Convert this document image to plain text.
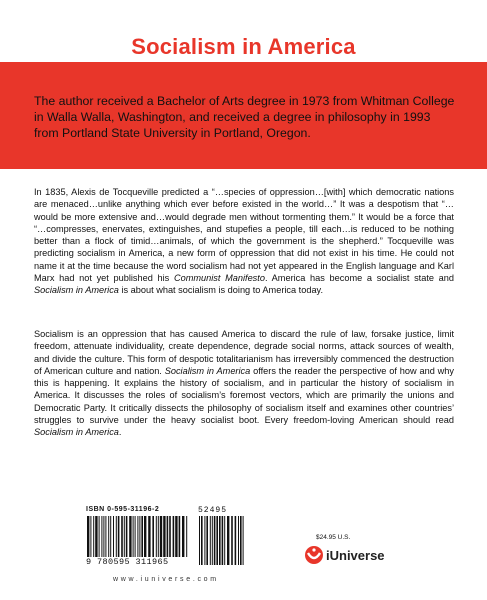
Socialism in America
The author received a Bachelor of Arts degree in 1973 from Whitman College in Walla Walla, Washington, and received a degree in philosophy in 1993 from Portland State University in Portland, Oregon.

In 1835, Alexis de Tocqueville predicted a “…species of oppression…[with] which democratic nations are menaced…unlike anything which ever before existed in the world…” It was a despotism that “…would be more extensive and…would degrade men without tormenting them.” It would be a force that “…compresses, enervates, extinguishes, and stupefies a people, till each…is reduced to be nothing better than a flock of timid…animals, of which the government is the shepherd.” Tocqueville was predicting socialism in America, a new form of oppression that did not exist in his time. He could not name it at the time because the word socialism had not yet appeared in the English language and Karl Marx had not yet published his Communist Manifesto. America has become a socialist state and Socialism in America is about what socialism is doing to America today.

Socialism is an oppression that has caused America to discard the rule of law, forsake justice, limit freedom, attenuate individuality, create dependence, degrade social norms, attack sources of wealth, and divide the culture. This form of despotic totalitarianism has irreversibly commenced the destruction of American culture and nation. Socialism in America offers the reader the perspective of how and why this is happening. It explains the history of socialism, and in particular the history of socialism in America. It discusses the roles of socialism’s foremost vectors, which are primarily the unions and Democratic Party. It critically dissects the philosophy of socialism itself and examines other countries’ struggles to survive under the heavy socialist boot. Every freedom-loving American should read Socialism in America.

ISBN 0-595-31196-2
9 780595 311965
52495
$24.95 U.S.
iUniverse
www.iuniverse.com
